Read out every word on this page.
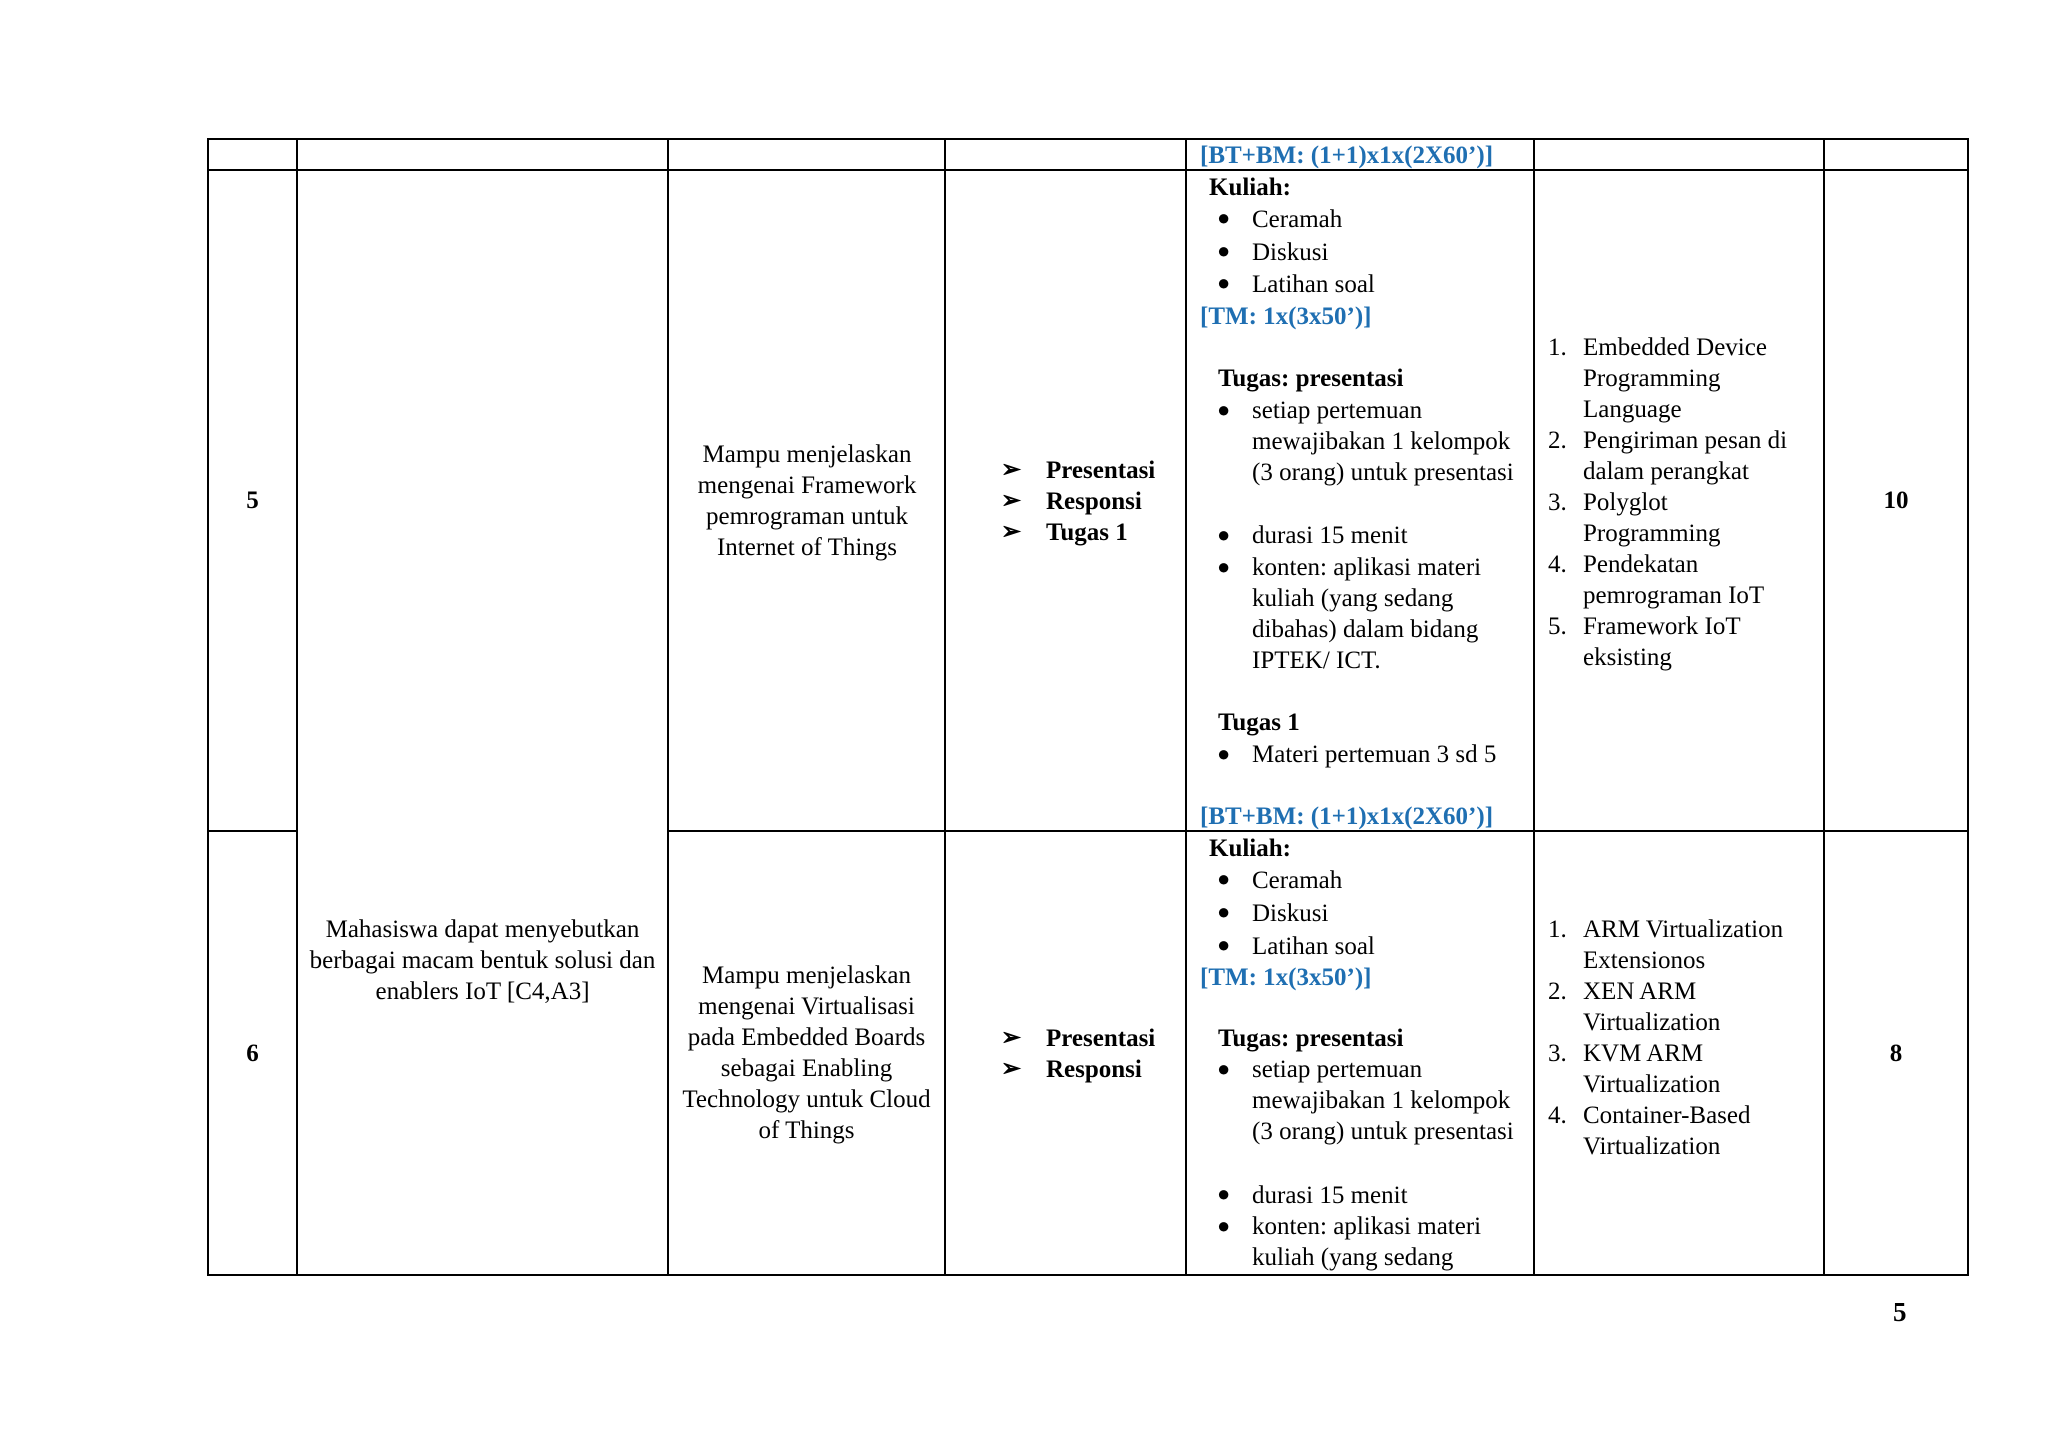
[BT+BM: (1+1)x1x(2X60’)]
5
Mampu menjelaskan mengenai Framework pemrograman untuk Internet of Things
➢ Presentasi
➢ Responsi
➢ Tugas 1
Kuliah:
● Ceramah
● Diskusi
● Latihan soal
[TM: 1x(3x50’)]
Tugas: presentasi
● setiap pertemuan mewajibakan 1 kelompok (3 orang) untuk presentasi
● durasi 15 menit
● konten: aplikasi materi kuliah (yang sedang dibahas) dalam bidang IPTEK/ ICT.
Tugas 1
● Materi pertemuan 3 sd 5
[BT+BM: (1+1)x1x(2X60’)]
1. Embedded Device Programming Language
2. Pengiriman pesan di dalam perangkat
3. Polyglot Programming
4. Pendekatan pemrograman IoT
5. Framework IoT eksisting
10
Mahasiswa dapat menyebutkan berbagai macam bentuk solusi dan enablers IoT [C4,A3]
6
Mampu menjelaskan mengenai Virtualisasi pada Embedded Boards sebagai Enabling Technology untuk Cloud of Things
➢ Presentasi
➢ Responsi
Kuliah:
● Ceramah
● Diskusi
● Latihan soal
[TM: 1x(3x50’)]
Tugas: presentasi
● setiap pertemuan mewajibakan 1 kelompok (3 orang) untuk presentasi
● durasi 15 menit
● konten: aplikasi materi kuliah (yang sedang
1. ARM Virtualization Extensionos
2. XEN ARM Virtualization
3. KVM ARM Virtualization
4. Container-Based Virtualization
8
5
